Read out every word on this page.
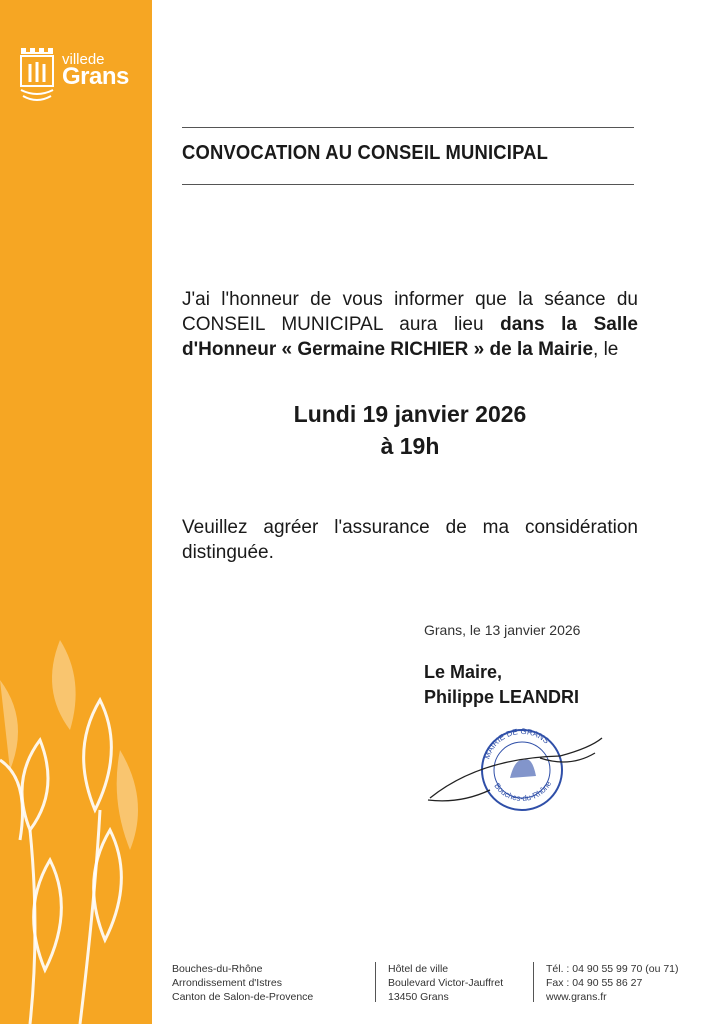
villede
Grans
CONVOCATION AU CONSEIL MUNICIPAL
J'ai l'honneur de vous informer que la séance du CONSEIL MUNICIPAL aura lieu dans la Salle d'Honneur « Germaine RICHIER » de la Mairie, le
Lundi 19 janvier 2026
à 19h
Veuillez agréer l'assurance de ma considération distinguée.
Grans, le 13 janvier 2026
Le Maire,
Philippe LEANDRI
MAIRIE DE GRANS
Bouches-du-Rhône
Bouches-du-Rhône
Arrondissement d'Istres
Canton de Salon-de-Provence
Hôtel de ville
Boulevard Victor-Jauffret
13450 Grans
Tél. : 04 90 55 99 70 (ou 71)
Fax : 04 90 55 86 27
www.grans.fr
